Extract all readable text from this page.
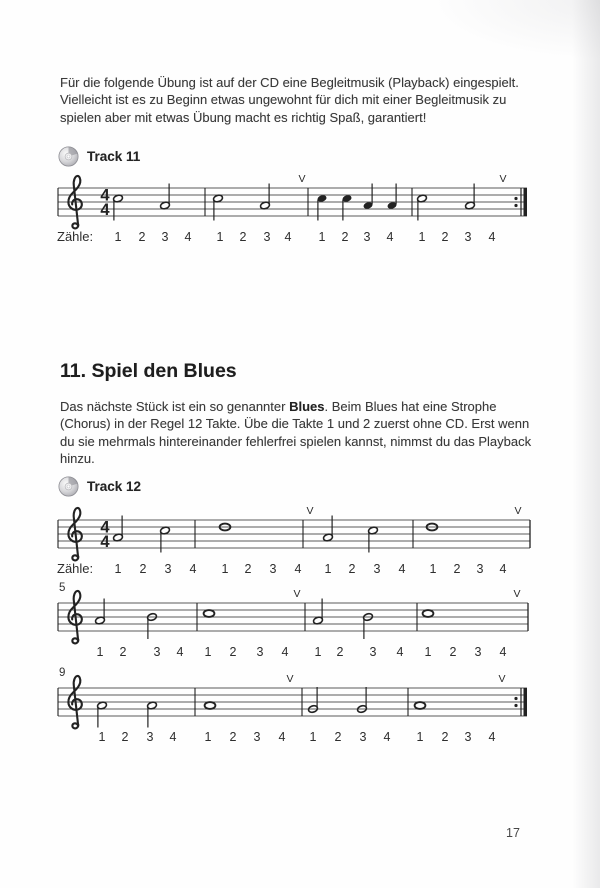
Für die folgende Übung ist auf der CD eine Begleitmusik (Playback) eingespielt. Vielleicht ist es zu Beginn etwas ungewohnt für dich mit einer Begleitmusik zu spielen aber mit etwas Übung macht es richtig Spaß, garantiert!

Track 11
4
4
V	V
Zähle: 1 2 3 4 1 2 3 4 1 2 3 4 1 2 3 4
11. Spiel den Blues

Das nächste Stück ist ein so genannter Blues. Beim Blues hat eine Strophe (Chorus) in der Regel 12 Takte. Übe die Takte 1 und 2 zuerst ohne CD. Erst wenn du sie mehrmals hintereinander fehlerfrei spielen kannst, nimmst du das Playback hinzu.

Track 12
4
4
V	V
Zähle: 1 2 3 4 1 2 3 4 1 2 3 4 1 2 3 4
5	V	V
1 2 3 4 1 2 3 4 1 2 3 4 1 2 3 4
9	V	V
1 2 3 4 1 2 3 4 1 2 3 4 1 2 3 4
17
